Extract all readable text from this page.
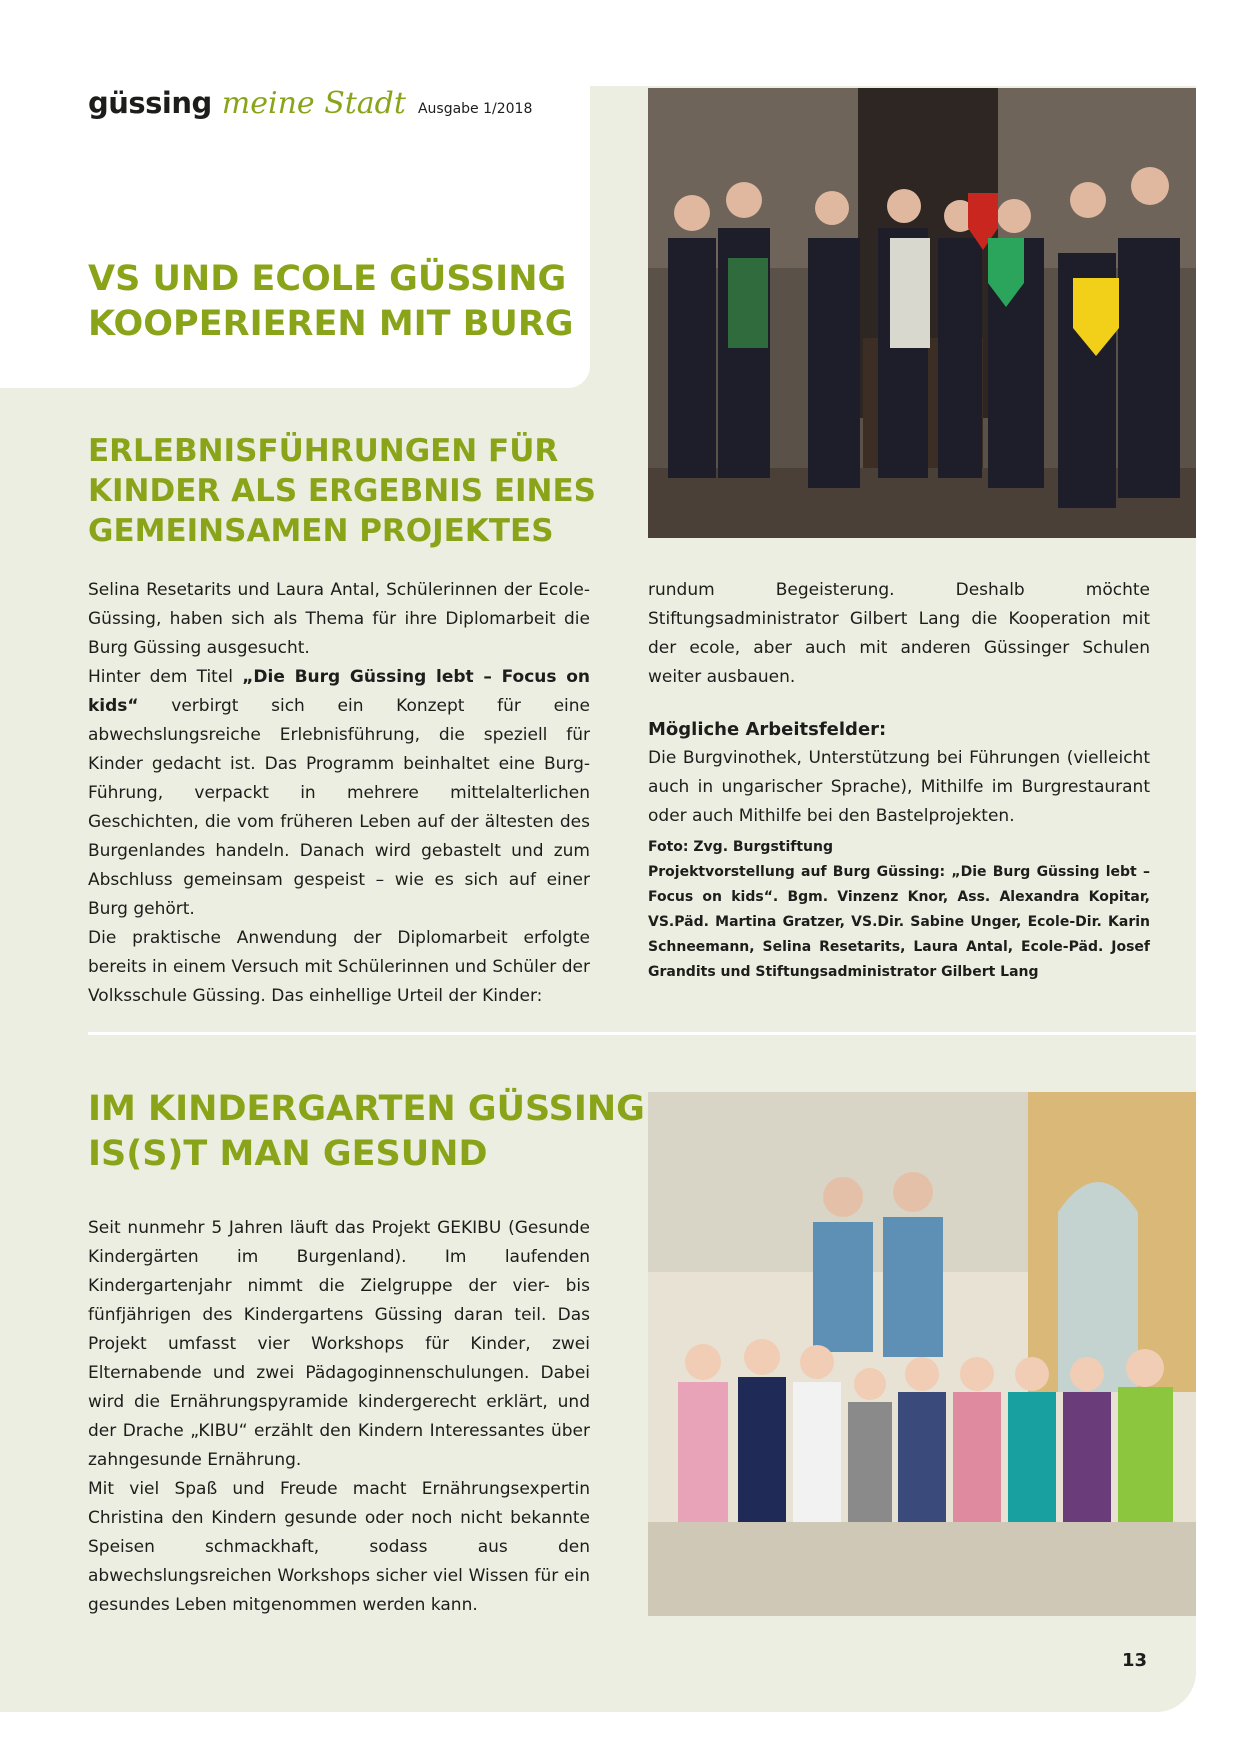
güssing meine Stadt Ausgabe 1/2018
VS UND ECOLE GÜSSING
KOOPERIEREN MIT BURG
ERLEBNISFÜHRUNGEN FÜR
KINDER ALS ERGEBNIS EINES
GEMEINSAMEN PROJEKTES

Selina Resetarits und Laura Antal, Schülerinnen der Ecole-Güssing, haben sich als Thema für ihre Diplomarbeit die Burg Güssing ausgesucht.

Hinter dem Titel „Die Burg Güssing lebt – Focus on kids“ verbirgt sich ein Konzept für eine abwechslungsreiche Erlebnisführung, die speziell für Kinder gedacht ist. Das Programm beinhaltet eine Burg-Führung, verpackt in mehrere mittelalterlichen Geschichten, die vom früheren Leben auf der ältesten des Burgenlandes handeln. Danach wird gebastelt und zum Abschluss gemeinsam gespeist – wie es sich auf einer Burg gehört.

Die praktische Anwendung der Diplomarbeit erfolgte bereits in einem Versuch mit Schülerinnen und Schüler der Volksschule Güssing. Das einhellige Urteil der Kinder:

rundum Begeisterung. Deshalb möchte Stiftungsadministrator Gilbert Lang die Kooperation mit der ecole, aber auch mit anderen Güssinger Schulen weiter ausbauen.

Mögliche Arbeitsfelder:

Die Burgvinothek, Unterstützung bei Führungen (vielleicht auch in ungarischer Sprache), Mithilfe im Burgrestaurant oder auch Mithilfe bei den Bastelprojekten.

Foto: Zvg. Burgstiftung
Projektvorstellung auf Burg Güssing: „Die Burg Güssing lebt – Focus on kids“. Bgm. Vinzenz Knor, Ass. Alexandra Kopitar, VS.Päd. Martina Gratzer, VS.Dir. Sabine Unger, Ecole-Dir. Karin Schneemann, Selina Resetarits, Laura Antal, Ecole-Päd. Josef Grandits und Stiftungsadministrator Gilbert Lang
IM KINDERGARTEN GÜSSING
IS(S)T MAN GESUND

Seit nunmehr 5 Jahren läuft das Projekt GEKIBU (Gesunde Kindergärten im Burgenland). Im laufenden Kindergartenjahr nimmt die Zielgruppe der vier- bis fünfjährigen des Kindergartens Güssing daran teil. Das Projekt umfasst vier Workshops für Kinder, zwei Elternabende und zwei Pädagoginnenschulungen. Dabei wird die Ernährungspyramide kindergerecht erklärt, und der Drache „KIBU“ erzählt den Kindern Interessantes über zahngesunde Ernährung.

Mit viel Spaß und Freude macht Ernährungsexpertin Christina den Kindern gesunde oder noch nicht bekannte Speisen schmackhaft, sodass aus den abwechslungsreichen Workshops sicher viel Wissen für ein gesundes Leben mitgenommen werden kann.

13
